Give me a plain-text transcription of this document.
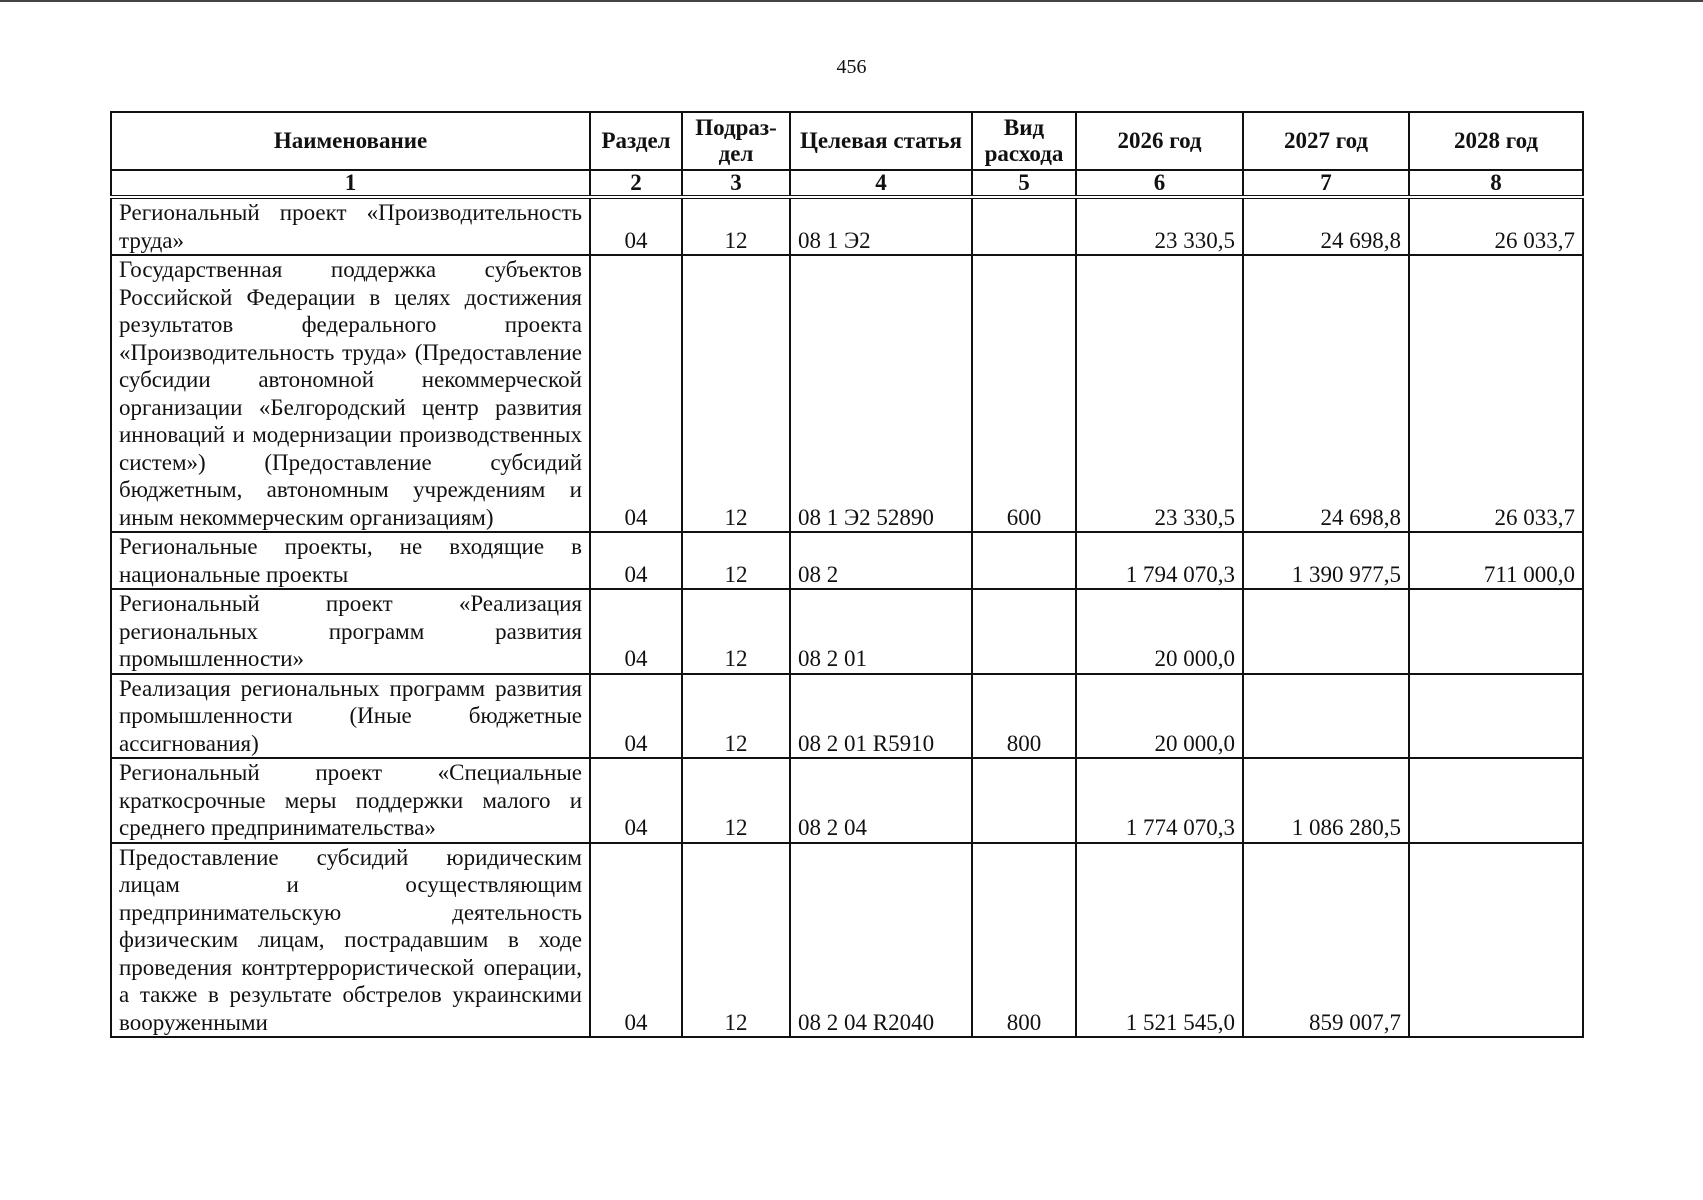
456
Наименование	Раздел	Подраз-дел	Целевая статья	Вид расхода	2026 год	2027 год	2028 год
1	2	3	4	5	6	7	8
Региональный проект «Производительность труда»	04	12	08 1 Э2		23 330,5	24 698,8	26 033,7
Государственная поддержка субъектов Российской Федерации в целях достижения результатов федерального проекта «Производительность труда» (Предоставление субсидии автономной некоммерческой организации «Белгородский центр развития инноваций и модернизации производственных систем») (Предоставление субсидий бюджетным, автономным учреждениям и иным некоммерческим организациям)	04	12	08 1 Э2 52890	600	23 330,5	24 698,8	26 033,7
Региональные проекты, не входящие в национальные проекты	04	12	08 2		1 794 070,3	1 390 977,5	711 000,0
Региональный проект «Реализация региональных программ развития промышленности»	04	12	08 2 01		20 000,0		
Реализация региональных программ развития промышленности (Иные бюджетные ассигнования)	04	12	08 2 01 R5910	800	20 000,0		
Региональный проект «Специальные краткосрочные меры поддержки малого и среднего предпринимательства»	04	12	08 2 04		1 774 070,3	1 086 280,5	
Предоставление субсидий юридическим лицам и осуществляющим предпринимательскую деятельность физическим лицам, пострадавшим в ходе проведения контртеррористической операции, а также в результате обстрелов украинскими вооруженными	04	12	08 2 04 R2040	800	1 521 545,0	859 007,7	
